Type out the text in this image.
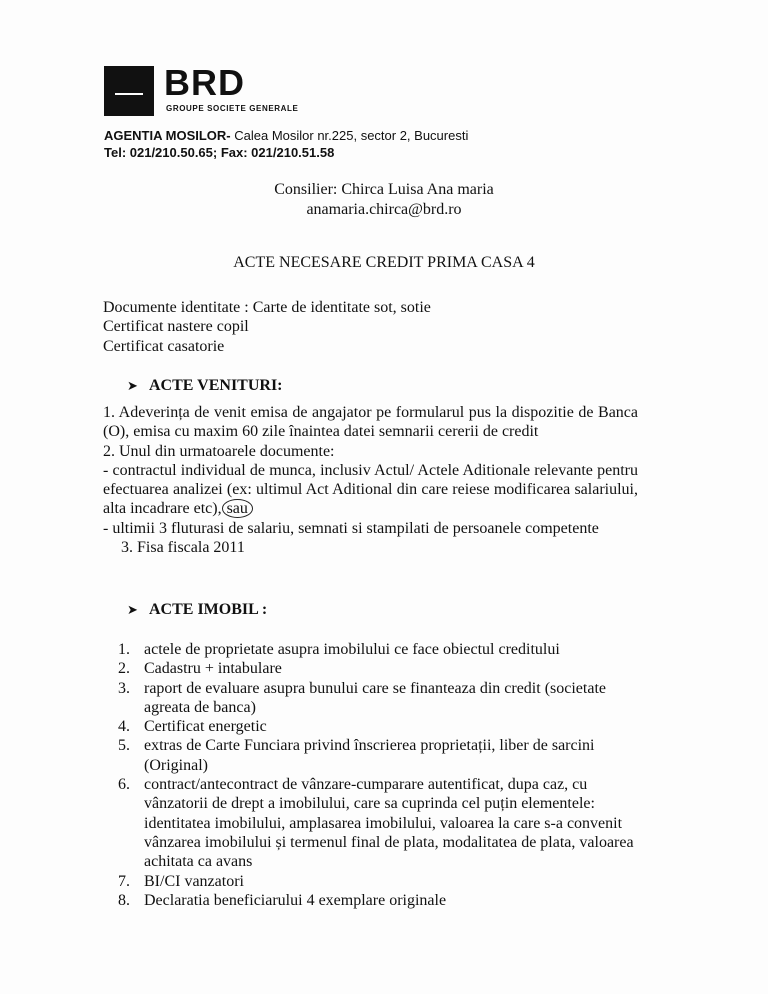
BRD
GROUPE SOCIETE GENERALE
AGENTIA MOSILOR- Calea Mosilor nr.225, sector 2, Bucuresti
Tel: 021/210.50.65; Fax: 021/210.51.58
Consilier: Chirca Luisa Ana maria
anamaria.chirca@brd.ro
ACTE NECESARE CREDIT PRIMA CASA 4
Documente identitate : Carte de identitate sot, sotie
Certificat nastere copil
Certificat casatorie
➤ ACTE VENITURI:

1. Adeverința de venit emisa de angajator pe formularul pus la dispozitie de Banca (O), emisa cu maxim 60 zile înaintea datei semnarii cererii de credit

2. Unul din urmatoarele documente:

- contractul individual de munca, inclusiv Actul/ Actele Aditionale relevante pentru efectuarea analizei (ex: ultimul Act Aditional din care reiese modificarea salariului, alta incadrare etc), sau

- ultimii 3 fluturasi de salariu, semnati si stampilati de persoanele competente

3. Fisa fiscala 2011

➤ ACTE IMOBIL :
1. actele de proprietate asupra imobilului ce face obiectul creditului
2. Cadastru + intabulare
3. raport de evaluare asupra bunului care se finanteaza din credit (societate agreata de banca)
4. Certificat energetic
5. extras de Carte Funciara privind înscrierea proprietații, liber de sarcini (Original)
6. contract/antecontract de vânzare-cumparare autentificat, dupa caz, cu vânzatorii de drept a imobilului, care sa cuprinda cel puțin elementele: identitatea imobilului, amplasarea imobilului, valoarea la care s-a convenit vânzarea imobilului și termenul final de plata, modalitatea de plata, valoarea achitata ca avans
7. BI/CI vanzatori
8. Declaratia beneficiarului 4 exemplare originale
